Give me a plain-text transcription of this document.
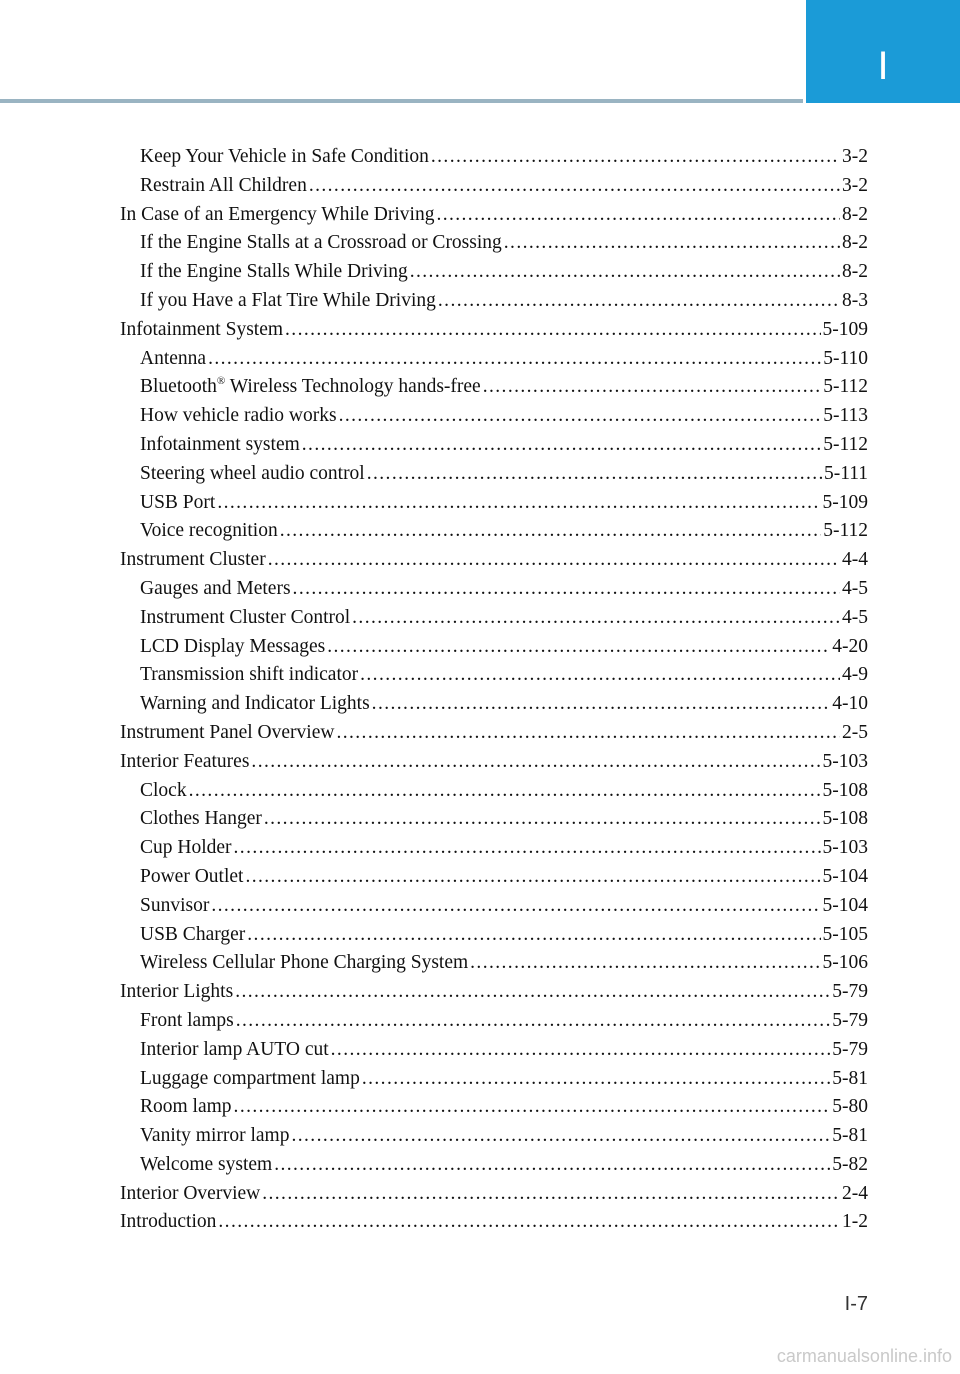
I
Keep Your Vehicle in Safe Condition .....	3-2
Restrain All Children .....	3-2
In Case of an Emergency While Driving .....	8-2
If the Engine Stalls at a Crossroad or Crossing .....	8-2
If the Engine Stalls While Driving .....	8-2
If you Have a Flat Tire While Driving .....	8-3
Infotainment System .....	5-109
Antenna .....	5-110
Bluetooth® Wireless Technology hands-free .....	5-112
How vehicle radio works .....	5-113
Infotainment system .....	5-112
Steering wheel audio control .....	5-111
USB Port .....	5-109
Voice recognition .....	5-112
Instrument Cluster .....	4-4
Gauges and Meters .....	4-5
Instrument Cluster Control .....	4-5
LCD Display Messages .....	4-20
Transmission shift indicator .....	4-9
Warning and Indicator Lights .....	4-10
Instrument Panel Overview .....	2-5
Interior Features .....	5-103
Clock .....	5-108
Clothes Hanger .....	5-108
Cup Holder .....	5-103
Power Outlet .....	5-104
Sunvisor .....	5-104
USB Charger .....	5-105
Wireless Cellular Phone Charging System .....	5-106
Interior Lights .....	5-79
Front lamps .....	5-79
Interior lamp AUTO cut .....	5-79
Luggage compartment lamp .....	5-81
Room lamp .....	5-80
Vanity mirror lamp .....	5-81
Welcome system .....	5-82
Interior Overview .....	2-4
Introduction .....	1-2
I-7
carmanualsonline.info
